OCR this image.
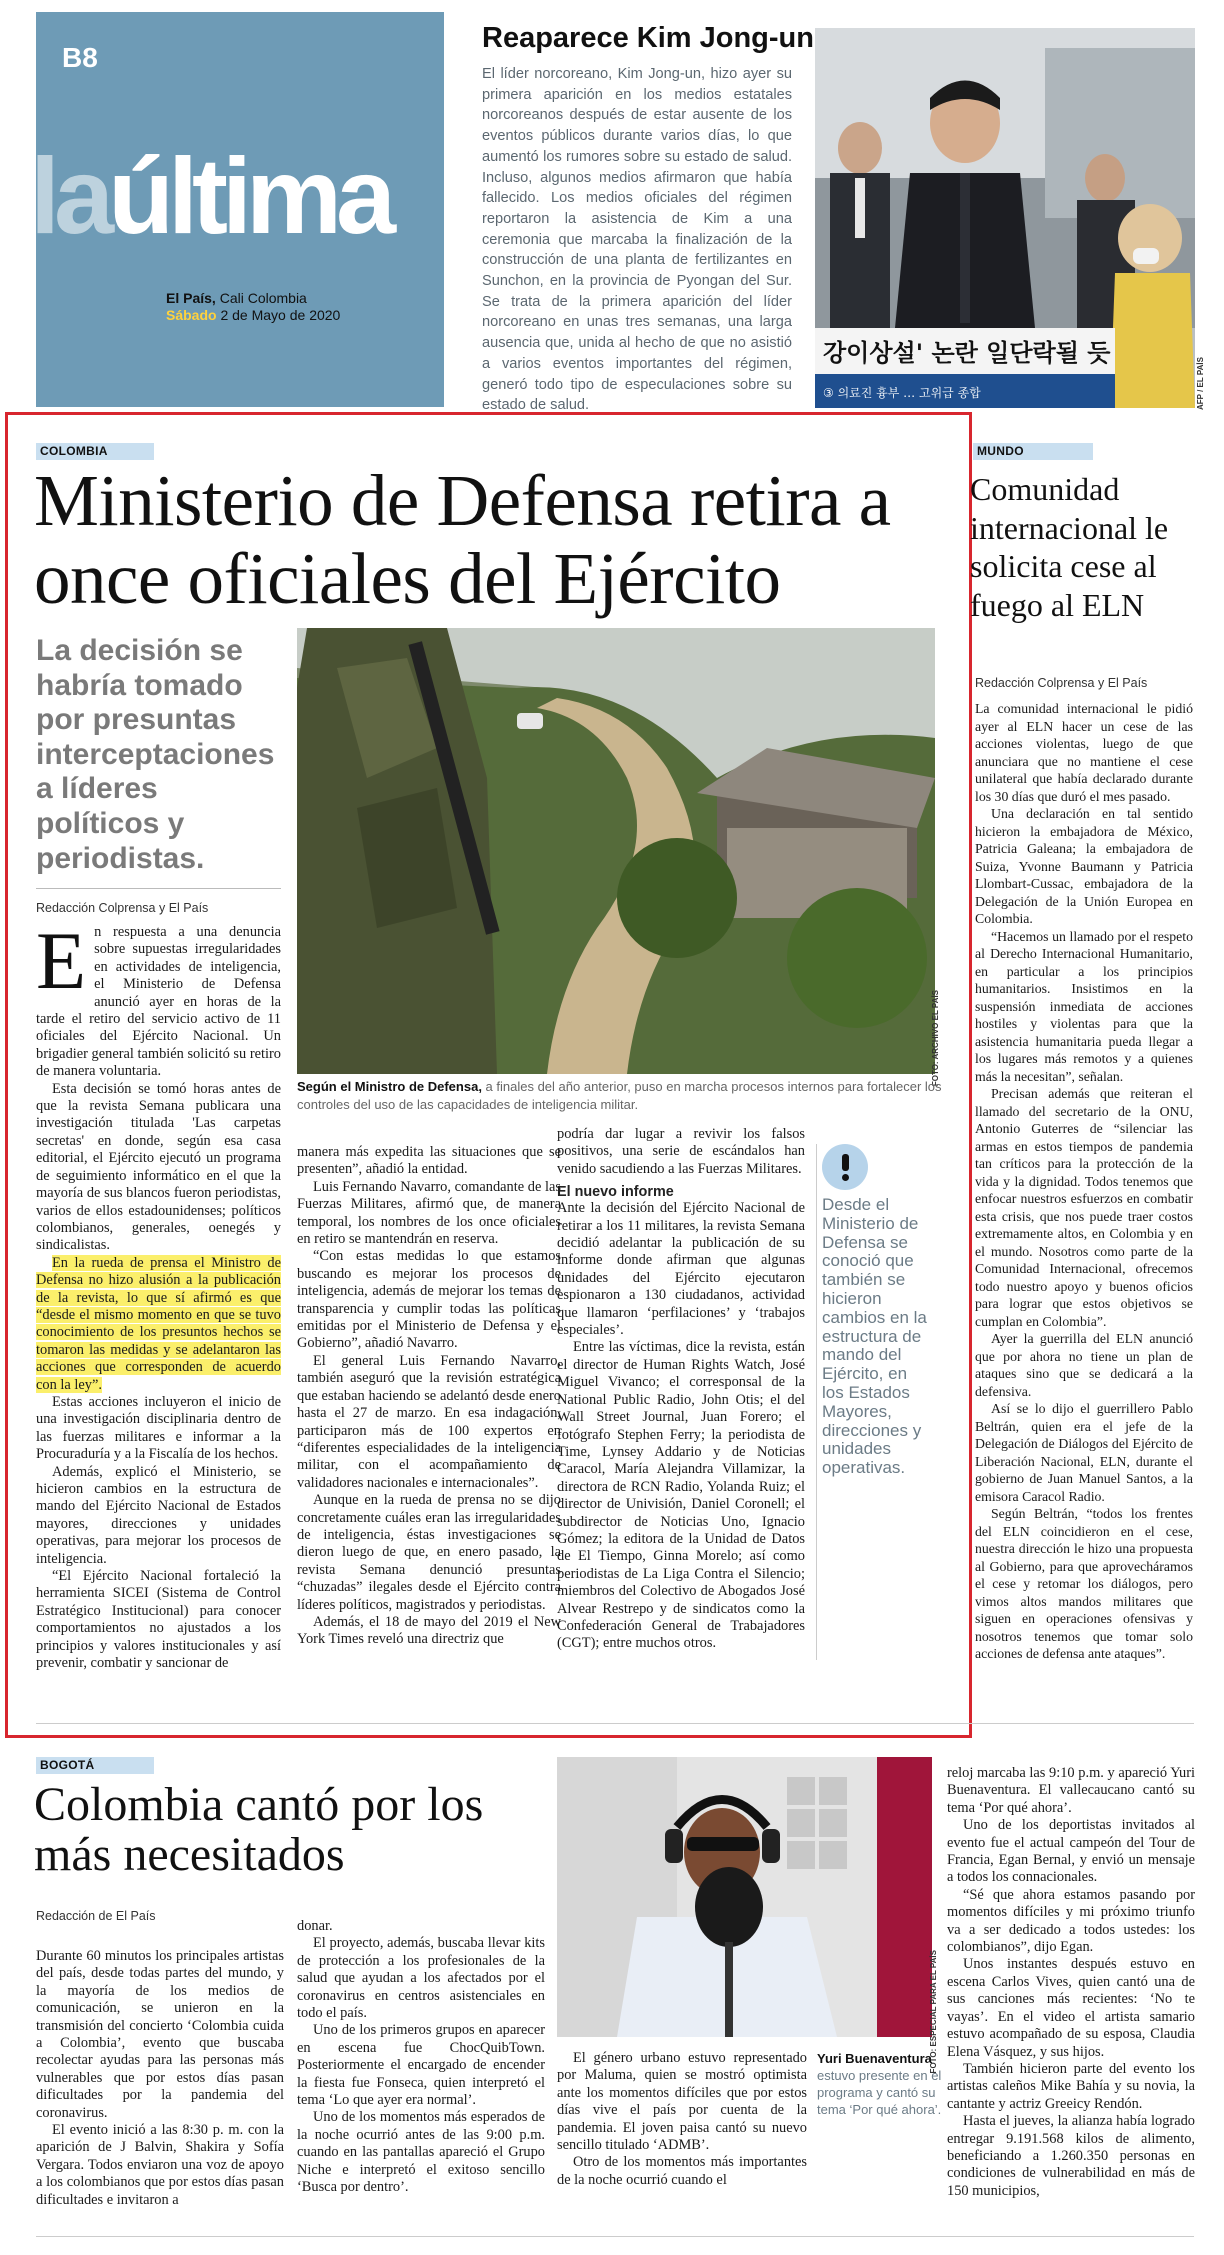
B8
laúltima
El País, Cali Colombia
Sábado 2 de Mayo de 2020
Reaparece Kim Jong-un
El líder norcoreano, Kim Jong-un, hizo ayer su primera aparición en los medios estatales norcoreanos después de estar ausente de los eventos públicos durante varios días, lo que aumentó los rumores sobre su estado de salud. Incluso, algunos medios afirmaron que había fallecido. Los medios oficiales del régimen reportaron la asistencia de Kim a una ceremonia que marcaba la finalización de la construcción de una planta de fertilizantes en Sunchon, en la provincia de Pyongan del Sur. Se trata de la primera aparición del líder norcoreano en unas tres semanas, una larga ausencia que, unida al hecho de que no asistió a varios eventos importantes del régimen, generó todo tipo de especulaciones sobre su estado de salud.
강이상설' 논란 일단락될 듯
③ 의료진 흉부 … 고위급 종합	AFP / EL PAÍS
COLOMBIA
Ministerio de Defensa retira a once oficiales del Ejército
La decisión se habría tomado por presuntas interceptaciones a líderes políticos y periodistas.
Redacción Colprensa y El País
FOTO: ARCHIVO EL PAÍS
Según el Ministro de Defensa, a finales del año anterior, puso en marcha procesos internos para fortalecer los controles del uso de las capacidades de inteligencia militar.

En respuesta a una denuncia sobre supuestas irregularidades en actividades de inteligencia, el Ministerio de Defensa anunció ayer en horas de la tarde el retiro del servicio activo de 11 oficiales del Ejército Nacional. Un brigadier general también solicitó su retiro de manera voluntaria.

Esta decisión se tomó horas antes de que la revista Semana publicara una investigación titulada 'Las carpetas secretas' en donde, según esa casa editorial, el Ejército ejecutó un programa de seguimiento informático en el que la mayoría de sus blancos fueron periodistas, varios de ellos estadounidenses; políticos colombianos, generales, oenegés y sindicalistas.

En la rueda de prensa el Ministro de Defensa no hizo alusión a la publicación de la revista, lo que sí afirmó es que “desde el mismo momento en que se tuvo conocimiento de los presuntos hechos se tomaron las medidas y se adelantaron las acciones que corresponden de acuerdo con la ley”.

Estas acciones incluyeron el inicio de una investigación disciplinaria dentro de las fuerzas militares e informar a la Procuraduría y a la Fiscalía de los hechos.

Además, explicó el Ministerio, se hicieron cambios en la estructura de mando del Ejército Nacional de Estados mayores, direcciones y unidades operativas, para mejorar los procesos de inteligencia.

“El Ejército Nacional fortaleció la herramienta SICEI (Sistema de Control Estratégico Institucional) para conocer comportamientos no ajustados a los principios y valores institucionales y así prevenir, combatir y sancionar de

manera más expedita las situaciones que se presenten”, añadió la entidad.

Luis Fernando Navarro, comandante de las Fuerzas Militares, afirmó que, de manera temporal, los nombres de los once oficiales en retiro se mantendrán en reserva.

“Con estas medidas lo que estamos buscando es mejorar los procesos de inteligencia, además de mejorar los temas de transparencia y cumplir todas las políticas emitidas por el Ministerio de Defensa y el Gobierno”, añadió Navarro.

El general Luis Fernando Navarro, también aseguró que la revisión estratégica que estaban haciendo se adelantó desde enero hasta el 27 de marzo. En esa indagación, participaron más de 100 expertos en “diferentes especialidades de la inteligencia militar, con el acompañamiento de validadores nacionales e internacionales”.

Aunque en la rueda de prensa no se dijo concretamente cuáles eran las irregularidades de inteligencia, éstas investigaciones se dieron luego de que, en enero pasado, la revista Semana denunció presuntas “chuzadas” ilegales desde el Ejército contra líderes políticos, magistrados y periodistas.

Además, el 18 de mayo del 2019 el New York Times reveló una directriz que

podría dar lugar a revivir los falsos positivos, una serie de escándalos han venido sacudiendo a las Fuerzas Militares.

El nuevo informe

Ante la decisión del Ejército Nacional de retirar a los 11 militares, la revista Semana decidió adelantar la publicación de su informe donde afirman que algunas unidades del Ejército ejecutaron espionaron a 130 ciudadanos, actividad que llamaron ‘perfilaciones’ y ‘trabajos especiales’.

Entre las víctimas, dice la revista, están el director de Human Rights Watch, José Miguel Vivanco; el corresponsal de la National Public Radio, John Otis; el del Wall Street Journal, Juan Forero; el fotógrafo Stephen Ferry; la periodista de Time, Lynsey Addario y de Noticias Caracol, María Alejandra Villamizar, la directora de RCN Radio, Yolanda Ruiz; el director de Univisión, Daniel Coronell; el subdirector de Noticias Uno, Ignacio Gómez; la editora de la Unidad de Datos de El Tiempo, Ginna Morelo; así como periodistas de La Liga Contra el Silencio; miembros del Colectivo de Abogados José Alvear Restrepo y de sindicatos como la Confederación General de Trabajadores (CGT); entre muchos otros.

Desde el Ministerio de Defensa se conoció que también se hicieron cambios en la estructura de mando del Ejército, en los Estados Mayores, direcciones y unidades operativas.
MUNDO
Comunidad internacional le solicita cese al fuego al ELN
Redacción Colprensa y El País

La comunidad internacional le pidió ayer al ELN hacer un cese de las acciones violentas, luego de que anunciara que no mantiene el cese unilateral que había declarado durante los 30 días que duró el mes pasado.

Una declaración en tal sentido hicieron la embajadora de México, Patricia Galeana; la embajadora de Suiza, Yvonne Baumann y Patricia Llombart-Cussac, embajadora de la Delegación de la Unión Europea en Colombia.

“Hacemos un llamado por el respeto al Derecho Internacional Humanitario, en particular a los principios humanitarios. Insistimos en la suspensión inmediata de acciones hostiles y violentas para que la asistencia humanitaria pueda llegar a los lugares más remotos y a quienes más la necesitan”, señalan.

Precisan además que reiteran el llamado del secretario de la ONU, Antonio Guterres de “silenciar las armas en estos tiempos de pandemia tan críticos para la protección de la vida y la dignidad. Todos tenemos que enfocar nuestros esfuerzos en combatir esta crisis, que nos puede traer costos extremamente altos, en Colombia y en el mundo. Nosotros como parte de la Comunidad Internacional, ofrecemos todo nuestro apoyo y buenos oficios para lograr que estos objetivos se cumplan en Colombia”.

Ayer la guerrilla del ELN anunció que por ahora no tiene un plan de ataques sino que se dedicará a la defensiva.

Así se lo dijo el guerrillero Pablo Beltrán, quien era el jefe de la Delegación de Diálogos del Ejército de Liberación Nacional, ELN, durante el gobierno de Juan Manuel Santos, a la emisora Caracol Radio.

Según Beltrán, “todos los frentes del ELN coincidieron en el cese, nuestra dirección le hizo una propuesta al Gobierno, para que aprovecháramos el cese y retomar los diálogos, pero vimos altos mandos militares que siguen en operaciones ofensivas y nosotros tenemos que tomar solo acciones de defensa ante ataques”.

BOGOTÁ
Colombia cantó por los más necesitados
Redacción de El País

Durante 60 minutos los principales artistas del país, desde todas partes del mundo, y la mayoría de los medios de comunicación, se unieron en la transmisión del concierto ‘Colombia cuida a Colombia’, evento que buscaba recolectar ayudas para las personas más vulnerables que por estos días pasan dificultades por la pandemia del coronavirus.

El evento inició a las 8:30 p. m. con la aparición de J Balvin, Shakira y Sofía Vergara. Todos enviaron una voz de apoyo a los colombianos que por estos días pasan dificultades e invitaron a

donar.

El proyecto, además, buscaba llevar kits de protección a los profesionales de la salud que ayudan a los afectados por el coronavirus en centros asistenciales en todo el país.

Uno de los primeros grupos en aparecer en escena fue ChocQuibTown. Posteriormente el encargado de encender la fiesta fue Fonseca, quien interpretó el tema ‘Lo que ayer era normal’.

Uno de los momentos más esperados de la noche ocurrió antes de las 9:00 p.m. cuando en las pantallas apareció el Grupo Niche e interpretó el exitoso sencillo ‘Busca por dentro’.

FOTO: ESPECIAL PARA EL PAÍS

El género urbano estuvo representado por Maluma, quien se mostró optimista ante los momentos difíciles que por estos días vive el país por cuenta de la pandemia. El joven paisa cantó su nuevo sencillo titulado ‘ADMB’.

Otro de los momentos más importantes de la noche ocurrió cuando el

Yuri Buenaventura estuvo presente en el programa y cantó su tema ‘Por qué ahora’.

reloj marcaba las 9:10 p.m. y apareció Yuri Buenaventura. El vallecaucano cantó su tema ‘Por qué ahora’.

Uno de los deportistas invitados al evento fue el actual campeón del Tour de Francia, Egan Bernal, y envió un mensaje a todos los connacionales.

“Sé que ahora estamos pasando por momentos difíciles y mi próximo triunfo va a ser dedicado a todos ustedes: los colombianos”, dijo Egan.

Unos instantes después estuvo en escena Carlos Vives, quien cantó una de sus canciones más recientes: ‘No te vayas’. En el video el artista samario estuvo acompañado de su esposa, Claudia Elena Vásquez, y sus hijos.

También hicieron parte del evento los artistas caleños Mike Bahía y su novia, la cantante y actriz Greeicy Rendón.

Hasta el jueves, la alianza había logrado entregar 9.191.568 kilos de alimento, beneficiando a 1.260.350 personas en condiciones de vulnerabilidad en más de 150 municipios,
